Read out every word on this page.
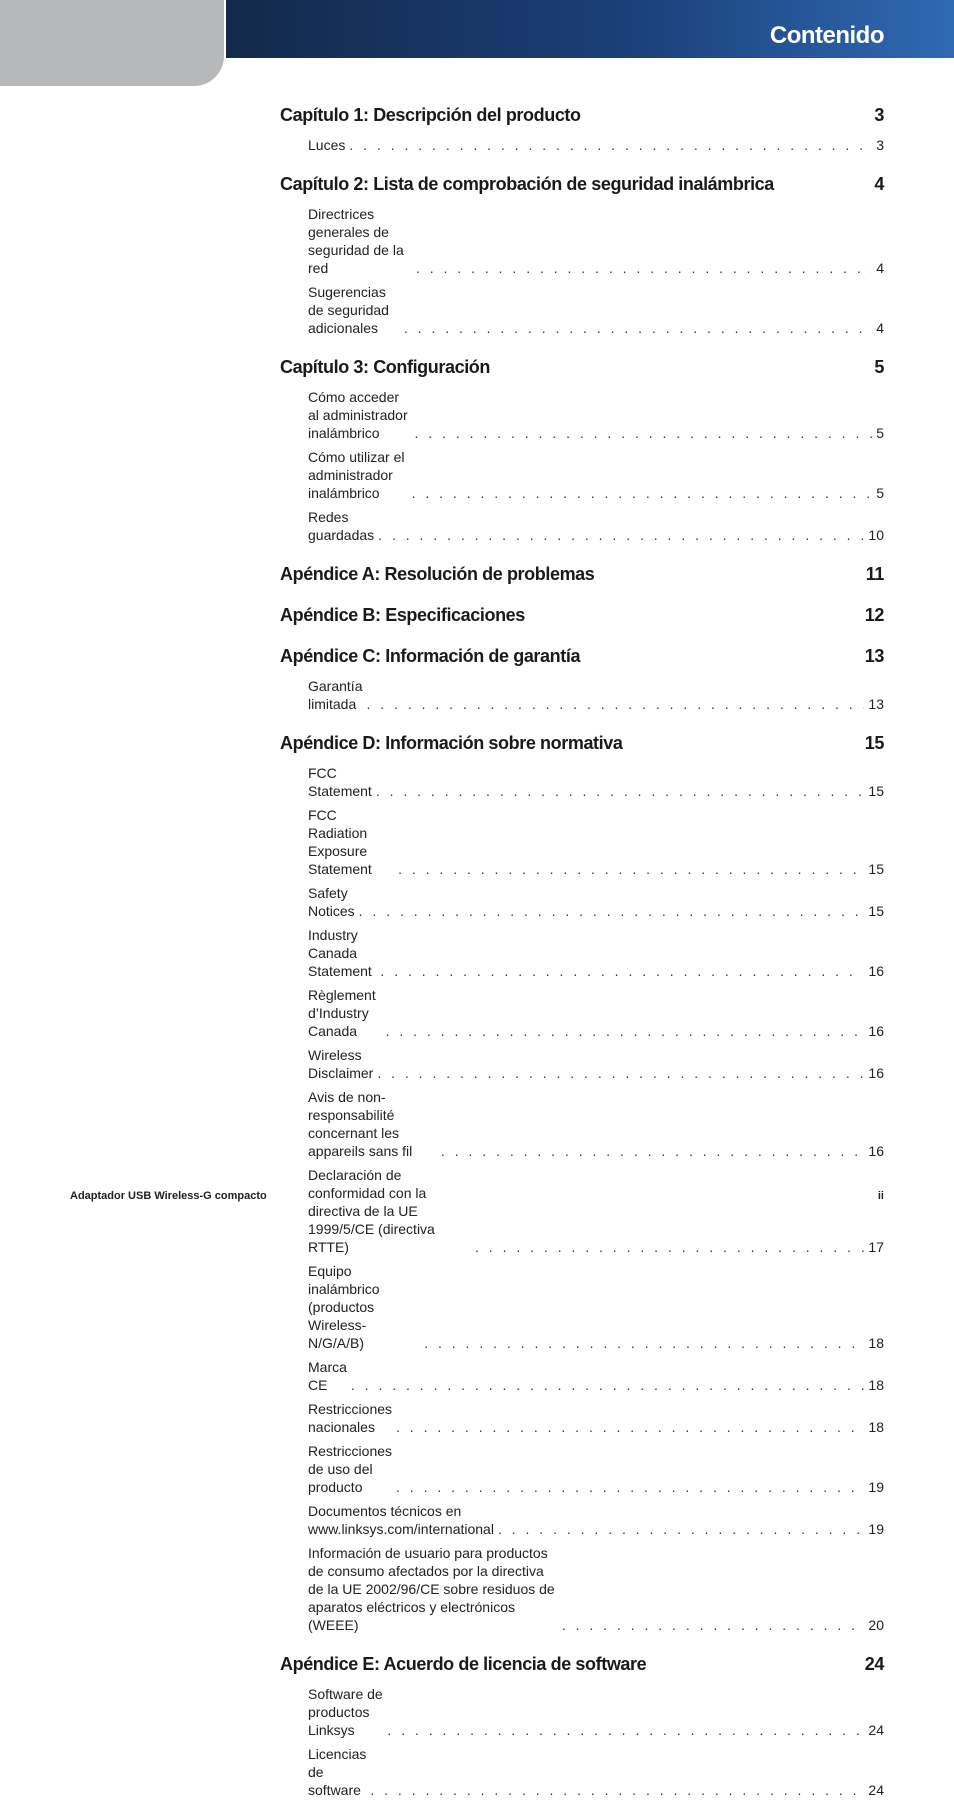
Contenido
Capítulo 1: Descripción del producto	3
Luces . . .	3
Capítulo 2: Lista de comprobación de seguridad inalámbrica	4
Directrices generales de seguridad de la red . . .	4
Sugerencias de seguridad adicionales . . .	4
Capítulo 3: Configuración	5
Cómo acceder al administrador inalámbrico . . .	5
Cómo utilizar el administrador inalámbrico . . .	5
Redes guardadas . . .	10
Apéndice A: Resolución de problemas	11
Apéndice B: Especificaciones	12
Apéndice C: Información de garantía	13
Garantía limitada . . .	13
Apéndice D: Información sobre normativa	15
FCC Statement . . .	15
FCC Radiation Exposure Statement . . .	15
Safety Notices . . .	15
Industry Canada Statement . . .	16
Règlement d’Industry Canada . . .	16
Wireless Disclaimer . . .	16
Avis de non-responsabilité concernant les appareils sans fil . . .	16
Declaración de conformidad con la directiva de la UE 1999/5/CE (directiva RTTE) . . .	17
Equipo inalámbrico (productos Wireless-N/G/A/B) . . .	18
Marca CE . . .	18
Restricciones nacionales . . .	18
Restricciones de uso del producto . . .	19
Documentos técnicos en www.linksys.com/international . . .	19
Información de usuario para productos de consumo afectados por la directiva de la UE 2002/96/CE sobre residuos de aparatos eléctricos y electrónicos (WEEE) . . .	20
Apéndice E: Acuerdo de licencia de software	24
Software de productos Linksys . . .	24
Licencias de software . . .	24
Adaptador USB Wireless-G compacto	ii
